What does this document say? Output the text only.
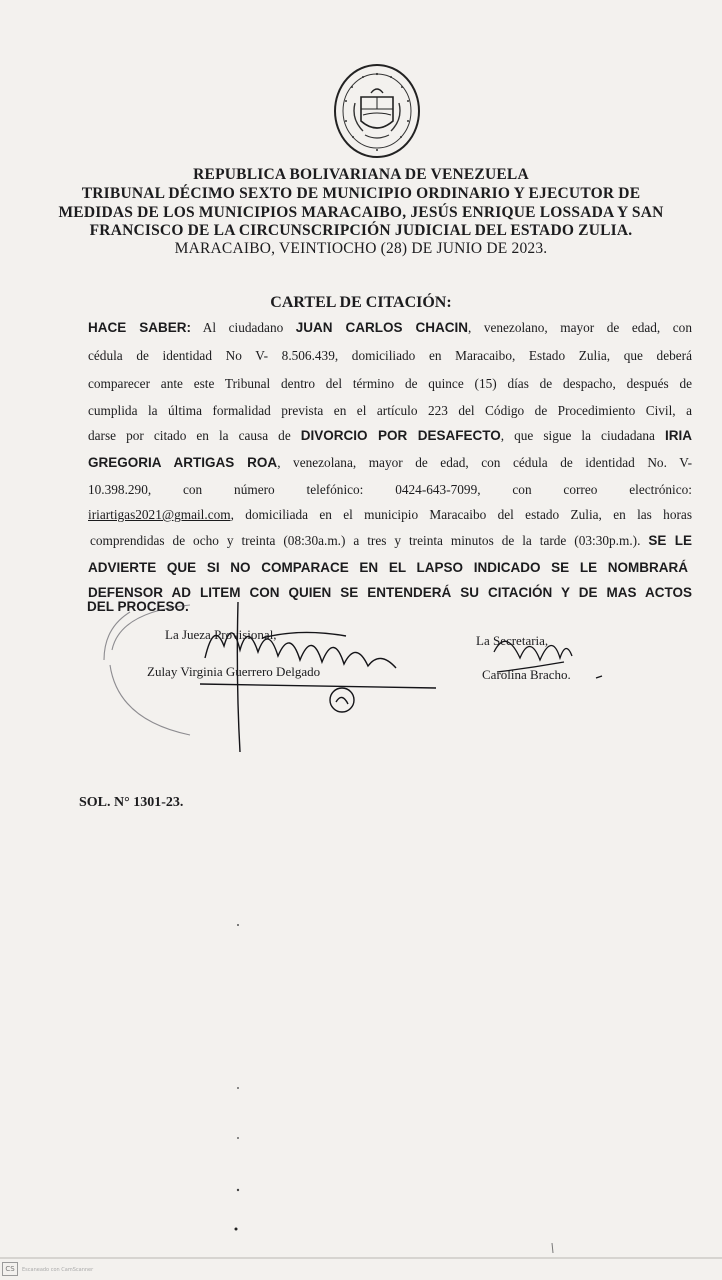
REPUBLICA BOLIVARIANA DE VENEZUELA
TRIBUNAL DÉCIMO SEXTO DE MUNICIPIO ORDINARIO Y EJECUTOR DE
MEDIDAS DE LOS MUNICIPIOS MARACAIBO, JESÚS ENRIQUE LOSSADA Y SAN
FRANCISCO DE LA CIRCUNSCRIPCIÓN JUDICIAL DEL ESTADO ZULIA.
MARACAIBO, VEINTIOCHO (28) DE JUNIO DE 2023.
CARTEL DE CITACIÓN:
HACE SABER: Al ciudadano JUAN CARLOS CHACIN, venezolano, mayor de edad, con
cédula de identidad No V- 8.506.439, domiciliado en Maracaibo, Estado Zulia, que deberá
comparecer ante este Tribunal dentro del término de quince (15) días de despacho, después de
cumplida la última formalidad prevista en el artículo 223 del Código de Procedimiento Civil, a
darse por citado en la causa de DIVORCIO POR DESAFECTO, que sigue la ciudadana IRIA
GREGORIA ARTIGAS ROA, venezolana, mayor de edad, con cédula de identidad No. V-
10.398.290, con número telefónico: 0424-643-7099, con correo electrónico:
iriartigas2021@gmail.com, domiciliada en el municipio Maracaibo del estado Zulia, en las horas
comprendidas de ocho y treinta (08:30a.m.) a tres y treinta minutos de la tarde (03:30p.m.). SE LE
ADVIERTE QUE SI NO COMPARACE EN EL LAPSO INDICADO SE LE NOMBRARÁ
DEFENSOR AD LITEM CON QUIEN SE ENTENDERÁ SU CITACIÓN Y DE MAS ACTOS
DEL PROCESO.
La Jueza Provisional,
Zulay Virginia Guerrero Delgado
La Secretaria,
Carolina Bracho.
SOL. N° 1301-23.
CS	Escaneado con CamScanner
